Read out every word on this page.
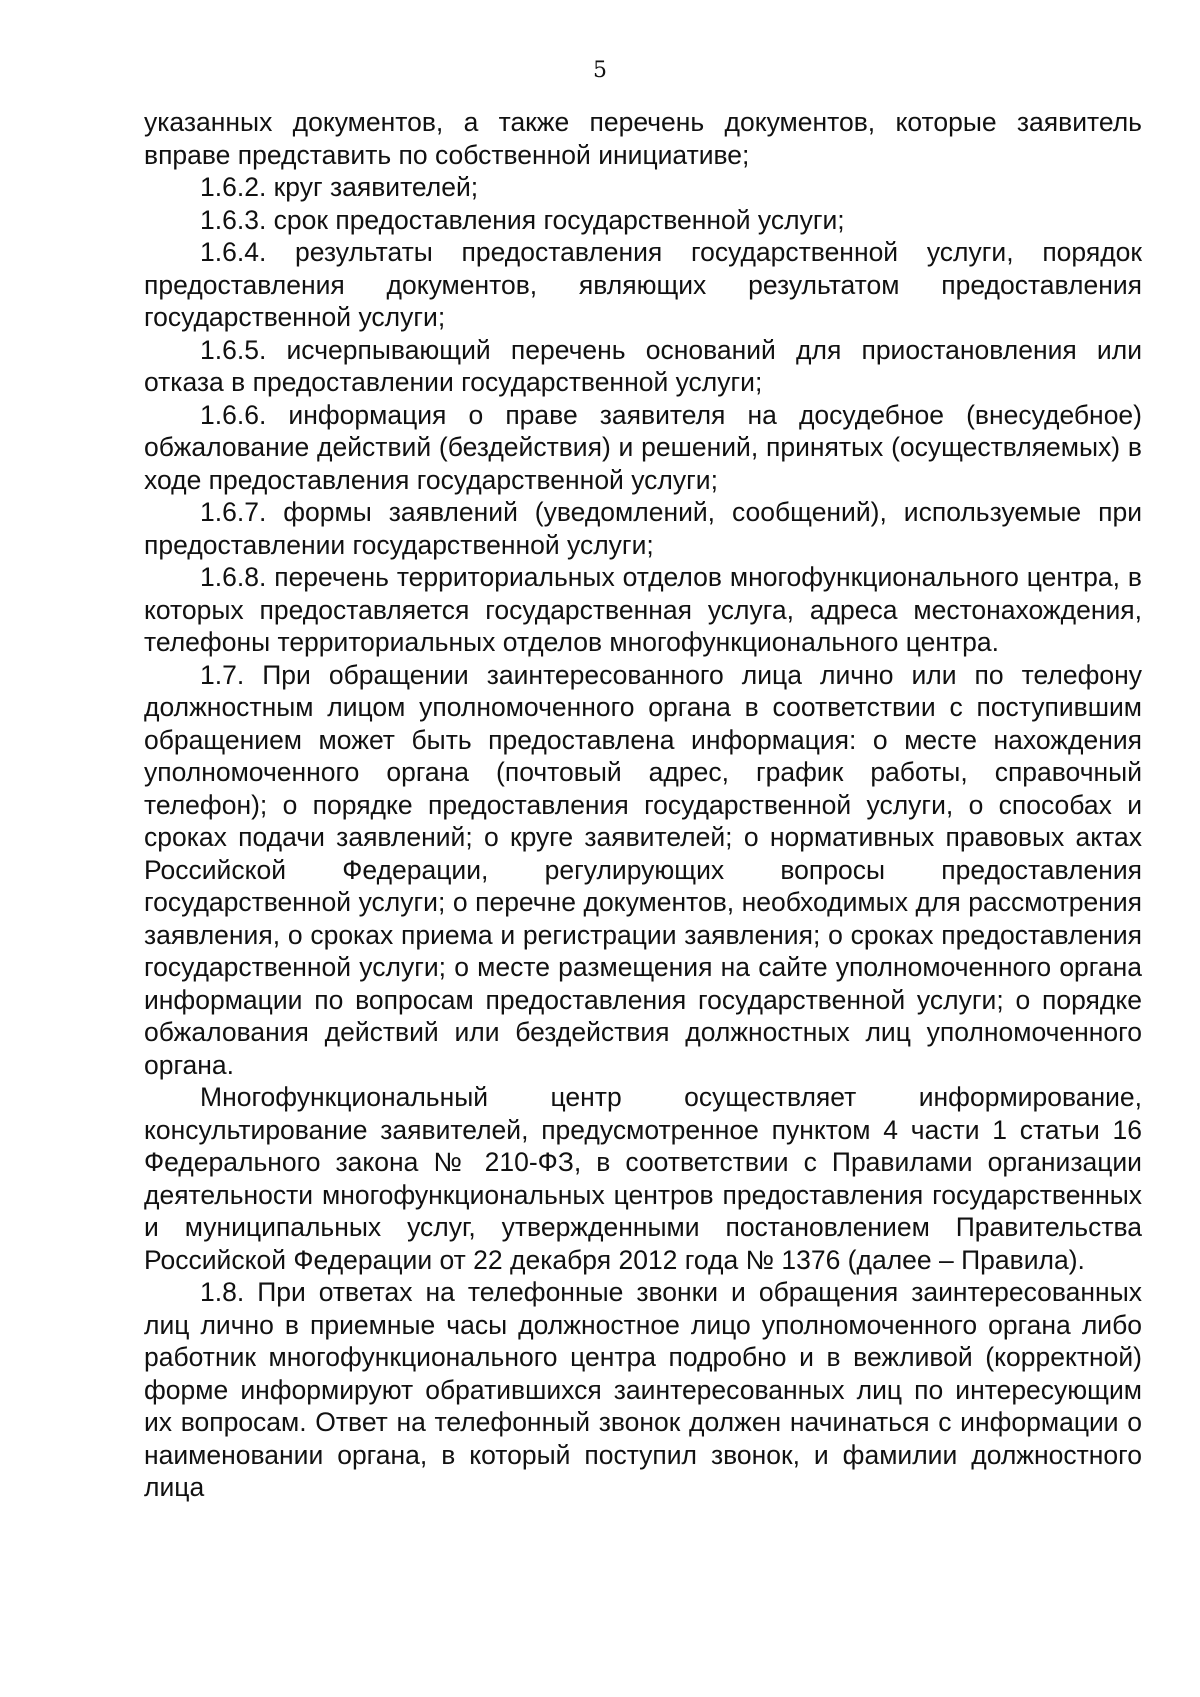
5

указанных документов, а также перечень документов, которые заявитель вправе представить по собственной инициативе;

1.6.2. круг заявителей;

1.6.3. срок предоставления государственной услуги;

1.6.4. результаты предоставления государственной услуги, порядок предоставления документов, являющих результатом предоставления государственной услуги;

1.6.5. исчерпывающий перечень оснований для приостановления или отказа в предоставлении государственной услуги;

1.6.6. информация о праве заявителя на досудебное (внесудебное) обжалование действий (бездействия) и решений, принятых (осуществляемых) в ходе предоставления государственной услуги;

1.6.7. формы заявлений (уведомлений, сообщений), используемые при предоставлении государственной услуги;

1.6.8. перечень территориальных отделов многофункционального центра, в которых предоставляется государственная услуга, адреса местонахождения, телефоны территориальных отделов многофункционального центра.

1.7. При обращении заинтересованного лица лично или по телефону должностным лицом уполномоченного органа в соответствии с поступившим обращением может быть предоставлена информация: о месте нахождения уполномоченного органа (почтовый адрес, график работы, справочный телефон); о порядке предоставления государственной услуги, о способах и сроках подачи заявлений; о круге заявителей; о нормативных правовых актах Российской Федерации, регулирующих вопросы предоставления государственной услуги; о перечне документов, необходимых для рассмотрения заявления, о сроках приема и регистрации заявления; о сроках предоставления государственной услуги; о месте размещения на сайте уполномоченного органа информации по вопросам предоставления государственной услуги; о порядке обжалования действий или бездействия должностных лиц уполномоченного органа.

Многофункциональный центр осуществляет информирование, консультирование заявителей, предусмотренное пунктом 4 части 1 статьи 16 Федерального закона № 210-ФЗ, в соответствии с Правилами организации деятельности многофункциональных центров предоставления государственных и муниципальных услуг, утвержденными постановлением Правительства Российской Федерации от 22 декабря 2012 года № 1376 (далее – Правила).

1.8. При ответах на телефонные звонки и обращения заинтересованных лиц лично в приемные часы должностное лицо уполномоченного органа либо работник многофункционального центра подробно и в вежливой (корректной) форме информируют обратившихся заинтересованных лиц по интересующим их вопросам. Ответ на телефонный звонок должен начинаться с информации о наименовании органа, в который поступил звонок, и фамилии должностного лица
